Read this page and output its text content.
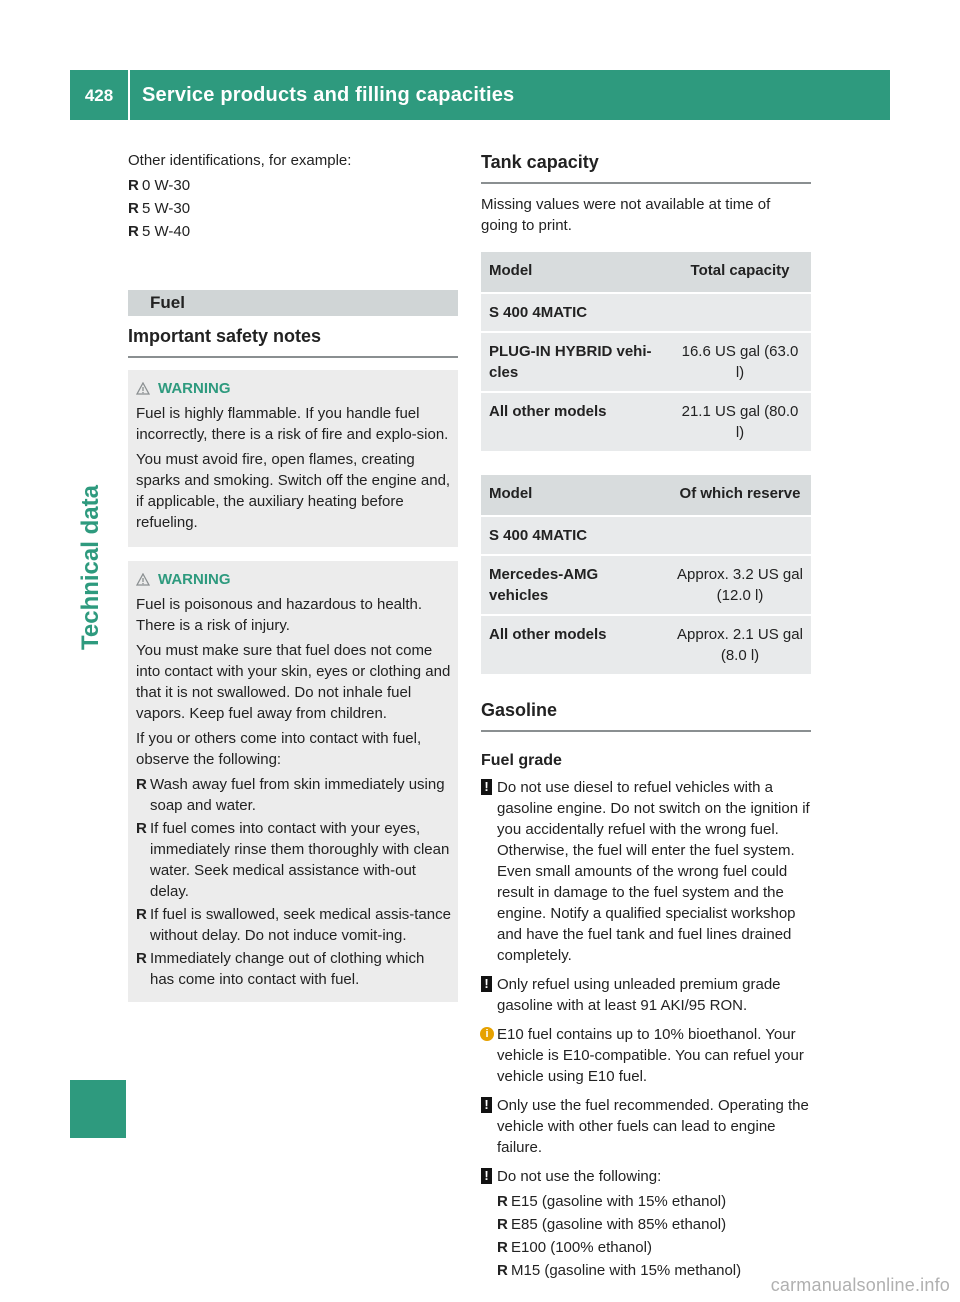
428	Service products and filling capacities
Technical data

Other identifications, for example:

R 0 W-30
R 5 W-30
R 5 W-40
Fuel
Important safety notes
WARNING

Fuel is highly flammable. If you handle fuel incorrectly, there is a risk of fire and explo-sion.

You must avoid fire, open flames, creating sparks and smoking. Switch off the engine and, if applicable, the auxiliary heating before refueling.

WARNING

Fuel is poisonous and hazardous to health. There is a risk of injury.

You must make sure that fuel does not come into contact with your skin, eyes or clothing and that it is not swallowed. Do not inhale fuel vapors. Keep fuel away from children.

If you or others come into contact with fuel, observe the following:

R Wash away fuel from skin immediately using soap and water.
R If fuel comes into contact with your eyes, immediately rinse them thoroughly with clean water. Seek medical assistance with-out delay.
R If fuel is swallowed, seek medical assis-tance without delay. Do not induce vomit-ing.
R Immediately change out of clothing which has come into contact with fuel.
Tank capacity

Missing values were not available at time of going to print.

Model	Total capacity
S 400 4MATIC	
PLUG-IN HYBRID vehi-cles	16.6 US gal (63.0 l)
All other models	21.1 US gal (80.0 l)
Model	Of which reserve
S 400 4MATIC	
Mercedes-AMG vehicles	Approx. 3.2 US gal (12.0 l)
All other models	Approx. 2.1 US gal (8.0 l)
Gasoline
Fuel grade
! Do not use diesel to refuel vehicles with a gasoline engine. Do not switch on the ignition if you accidentally refuel with the wrong fuel. Otherwise, the fuel will enter the fuel system. Even small amounts of the wrong fuel could result in damage to the fuel system and the engine. Notify a qualified specialist workshop and have the fuel tank and fuel lines drained completely.
! Only refuel using unleaded premium grade gasoline with at least 91 AKI/95 RON.
i E10 fuel contains up to 10% bioethanol. Your vehicle is E10-compatible. You can refuel your vehicle using E10 fuel.
! Only use the fuel recommended. Operating the vehicle with other fuels can lead to engine failure.
! Do not use the following:
R E15 (gasoline with 15% ethanol)
R E85 (gasoline with 85% ethanol)
R E100 (100% ethanol)
R M15 (gasoline with 15% methanol)
carmanualsonline.info
